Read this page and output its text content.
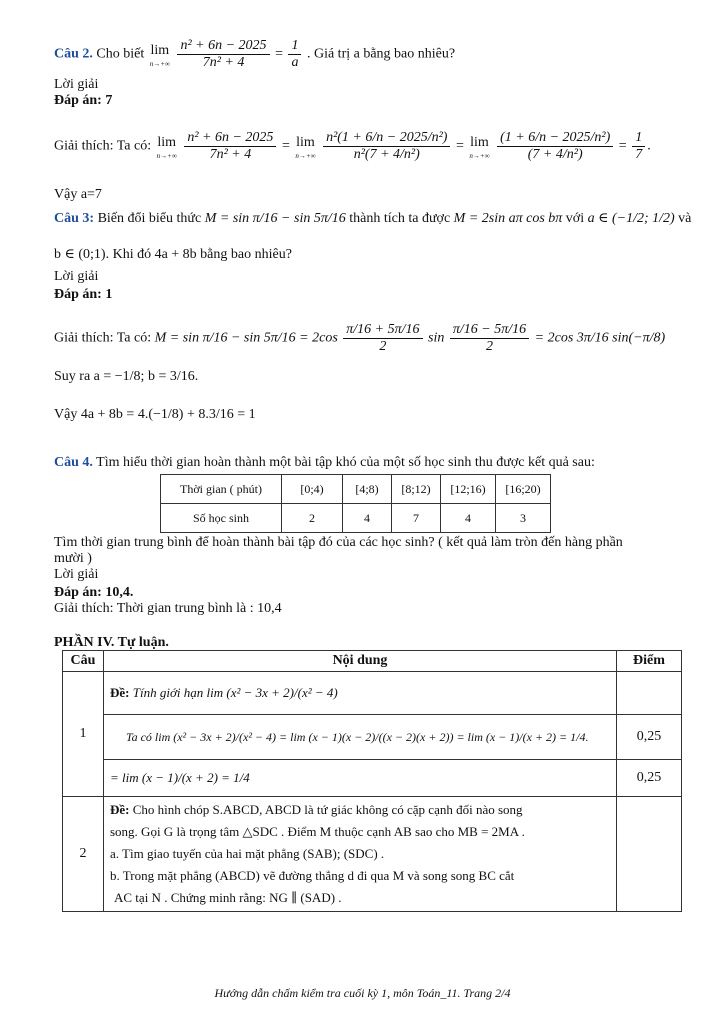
Câu 2. Cho biết lim
n→+∞
$\frac{\text{n² + 6n − 2025}}{\text{7n² + 4}} = \frac{1}{a}$ . Giá trị a bằng bao nhiêu?
Lời giải
Đáp án: 7
Giải thích: Ta có: lim
n→+∞
$\frac{\text{n² + 6n − 2025}}{\text{7n² + 4}} = \lim$
n→+∞
$\frac{\text{n²(1 + 6/n − 2025/n²)}}{\text{n²(7 + 4/n²)}} = \lim$
n→+∞
$\frac{\text{(1 + 6/n − 2025/n²)}}{\text{(7 + 4/n²)}} = \frac{1}{7}$ .
Vậy a=7
Câu 3: Biến đổi biểu thức M = sin π/16 − sin 5π/16 thành tích ta được M = 2sin aπ cos bπ với a ∈ (−1/2; 1/2) và
b ∈ (0;1). Khi đó 4a + 8b bằng bao nhiêu?
Lời giải
Đáp án: 1
Giải thích: Ta có: $M = \sin \pi/16 - \sin 5\pi/16 = 2\cos \frac{\pi/16 + 5\pi/16}{2}$ $\sin \frac{\pi/16 - 5\pi/16}{2} = 2\cos$ 3π/16 sin(−π/8)
Suy ra a = −1/8; b = 3/16.
Vậy 4a + 8b = 4.(−1/8) + 8.3/16 = 1
Câu 4. Tìm hiểu thời gian hoàn thành một bài tập khó của một số học sinh thu được kết quả sau:
Thời gian ( phút)	[0;4)	[4;8)	[8;12)	[12;16)	[16;20)
Số học sinh	2	4	7	4	3
Tìm thời gian trung bình để hoàn thành bài tập đó của các học sinh? ( kết quả làm tròn đến hàng phần
mười )
Lời giải
Đáp án: 10,4.
Giải thích: Thời gian trung bình là : 10,4
PHẦN IV. Tự luận.
Câu	Nội dung	Điểm
1	Đề: Tính giới hạn lim (x² − 3x + 2)/(x² − 4)	
	Ta có lim (x² − 3x + 2)/(x² − 4) = lim (x − 1)(x − 2)/((x − 2)(x + 2)) = lim (x − 1)/(x + 2) = 1/4.	0,25
	= lim (x − 1)/(x + 2) = 1/4	0,25
2	Đề: Cho hình chóp S.ABCD, ABCD là tứ giác không có cặp cạnh đối nào song
song. Gọi G là trọng tâm △SDC . Điểm M thuộc cạnh AB sao cho MB = 2MA .
a. Tìm giao tuyến của hai mặt phẳng (SAB); (SDC) .
b. Trong mặt phẳng (ABCD) vẽ đường thẳng d đi qua M và song song BC cắt
AC tại N . Chứng minh rằng: NG ∥ (SAD) .	

Hướng dẫn chấm kiểm tra cuối kỳ 1, môn Toán_11. Trang 2/4
